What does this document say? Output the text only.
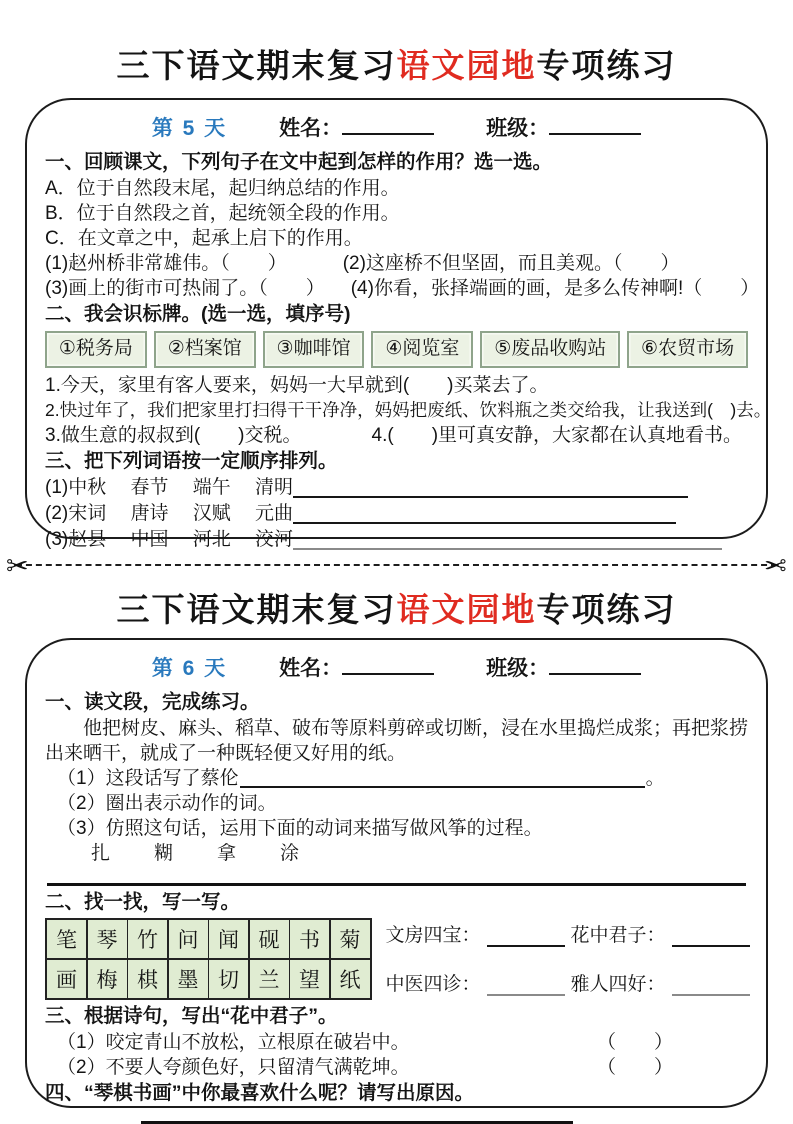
三下语文期末复习语文园地专项练习
第 5 天 姓名：	班级：
一、回顾课文，下列句子在文中起到怎样的作用？选一选。
A．位于自然段末尾，起归纳总结的作用。
B．位于自然段之首，起统领全段的作用。
C．在文章之中，起承上启下的作用。
(1)赵州桥非常雄伟。（　　）	(2)这座桥不但坚固，而且美观。（　　）
(3)画上的街市可热闹了。（　　） (4)你看，张择端画的画，是多么传神啊!（　　）
二、我会识标牌。(选一选，填序号)
①税务局	②档案馆	③咖啡馆	④阅览室	⑤废品收购站	⑥农贸市场
1.今天，家里有客人要来，妈妈一大早就到(　　)买菜去了。
2.快过年了，我们把家里打扫得干干净净，妈妈把废纸、饮料瓶之类交给我，让我送到(　)去。
3.做生意的叔叔到(　　)交税。	4.(　　)里可真安静，大家都在认真地看书。
三、把下列词语按一定顺序排列。
(1)中秋　 春节　 端午　 清明
(2)宋词　 唐诗　 汉赋　 元曲
(3)赵县　 中国　 河北　 洨河
✂	✂
三下语文期末复习语文园地专项练习
第 6 天 姓名：	班级：
一、读文段，完成练习。
他把树皮、麻头、稻草、破布等原料剪碎或切断，浸在水里捣烂成浆；再把浆捞出来晒干，就成了一种既轻便又好用的纸。
（1）这段话写了蔡伦	。
（2）圈出表示动作的词。
（3）仿照这句话，运用下面的动词来描写做风筝的过程。
扎　　糊　　拿　　涂
二、找一找，写一写。
笔 琴 竹 问 闻 砚 书 菊
画 梅 棋 墨 切 兰 望 纸
文房四宝：	花中君子：
中医四诊：	雅人四好：
三、根据诗句，写出“花中君子”。
（1）咬定青山不放松，立根原在破岩中。	（　　）
（2）不要人夸颜色好，只留清气满乾坤。	（　　）
四、“琴棋书画”中你最喜欢什么呢？请写出原因。
